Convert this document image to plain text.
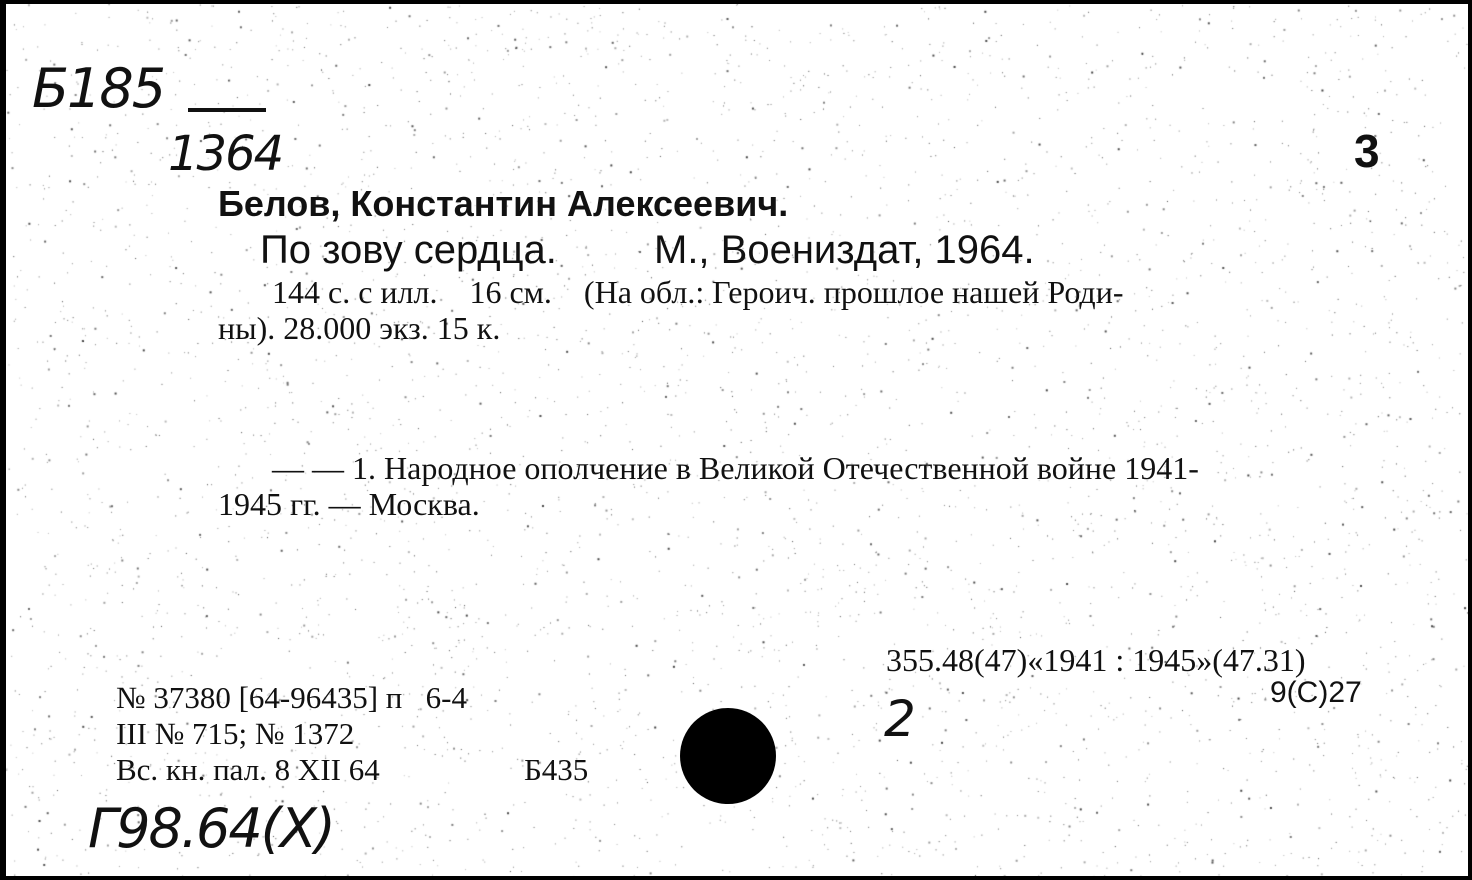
Б185
1364	3
Белов, Константин Алексеевич.
По зову сердца. М., Воениздат, 1964.
144 с. с илл.    16 см.    (На обл.: Героич. прошлое нашей Роди-
ны). 28.000 экз. 15 к.
— — 1. Народное ополчение в Великой Отечественной войне 1941-
1945 гг. — Москва.
355.48(47)«1941 : 1945»(47.31)
9(С)27
2
№ 37380 [64-96435] п   6-4
III № 715; № 1372
Вс. кн. пал. 8 XII 64	Б435
Г98.64(Х)
